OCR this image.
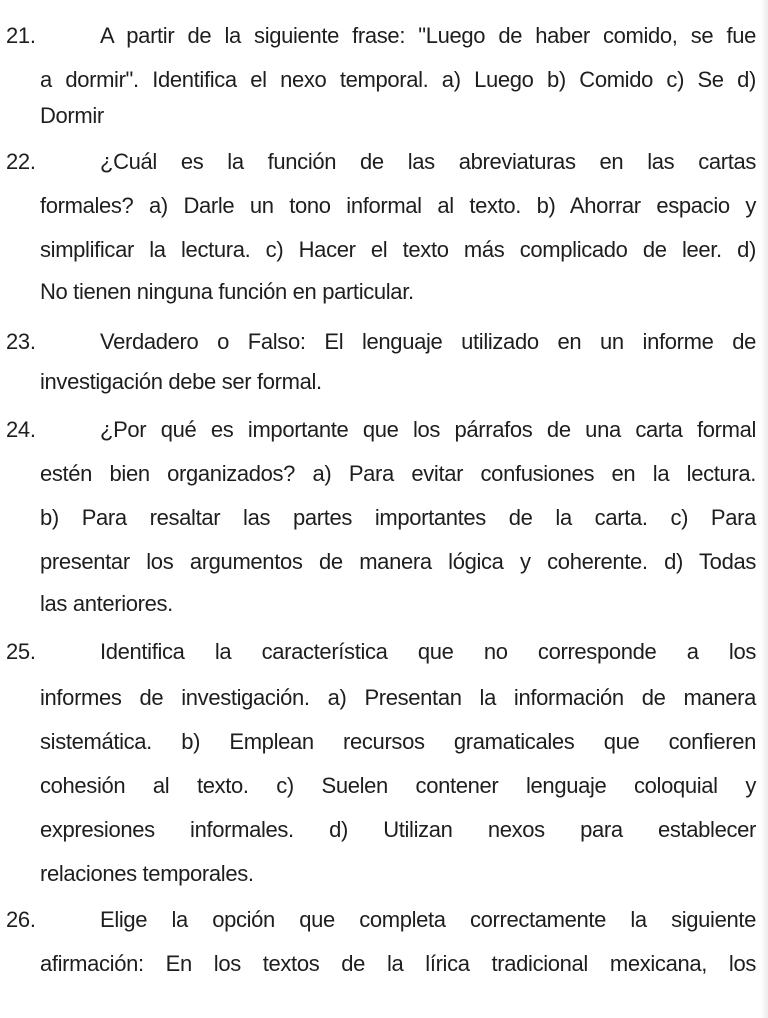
21.	A partir de la siguiente frase: "Luego de haber comido, se fue
a dormir". Identifica el nexo temporal. a) Luego b) Comido c) Se d)
Dormir
22.	¿Cuál es la función de las abreviaturas en las cartas
formales? a) Darle un tono informal al texto. b) Ahorrar espacio y
simplificar la lectura. c) Hacer el texto más complicado de leer. d)
No tienen ninguna función en particular.
23.	Verdadero o Falso: El lenguaje utilizado en un informe de
investigación debe ser formal.
24.	¿Por qué es importante que los párrafos de una carta formal
estén bien organizados? a) Para evitar confusiones en la lectura.
b) Para resaltar las partes importantes de la carta. c) Para
presentar los argumentos de manera lógica y coherente. d) Todas
las anteriores.
25.	Identifica la característica que no corresponde a los
informes de investigación. a) Presentan la información de manera
sistemática. b) Emplean recursos gramaticales que confieren
cohesión al texto. c) Suelen contener lenguaje coloquial y
expresiones informales. d) Utilizan nexos para establecer
relaciones temporales.
26.	Elige la opción que completa correctamente la siguiente
afirmación: En los textos de la lírica tradicional mexicana, los
